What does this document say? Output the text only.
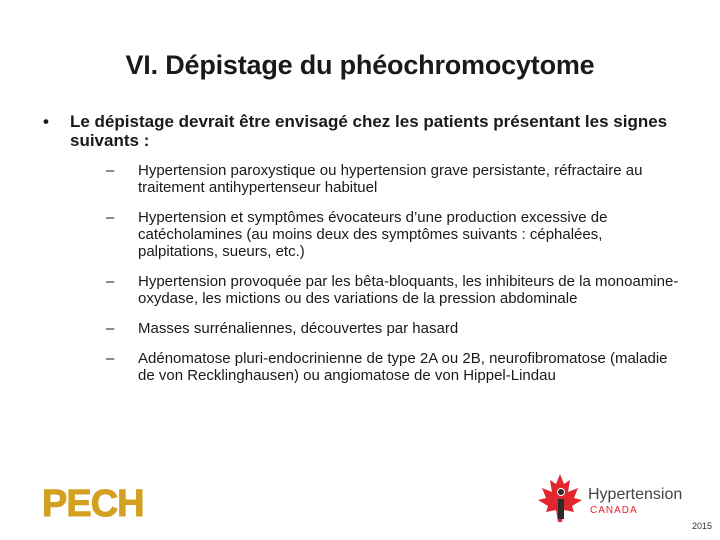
VI. Dépistage du phéochromocytome
•	Le dépistage devrait être envisagé chez les patients présentant les signes suivants :
– Hypertension paroxystique ou hypertension grave persistante, réfractaire au traitement antihypertenseur habituel
– Hypertension et symptômes évocateurs d’une production excessive de catécholamines (au moins deux des symptômes suivants : céphalées, palpitations, sueurs, etc.)
– Hypertension provoquée par les bêta-bloquants, les inhibiteurs de la monoamine-oxydase, les mictions ou des variations de la pression abdominale
– Masses surrénaliennes, découvertes par hasard
– Adénomatose pluri-endocrinienne de type 2A ou 2B, neurofibromatose (maladie de von Recklinghausen) ou angiomatose de von Hippel-Lindau
PECH	Hypertension
CANADA
2015
